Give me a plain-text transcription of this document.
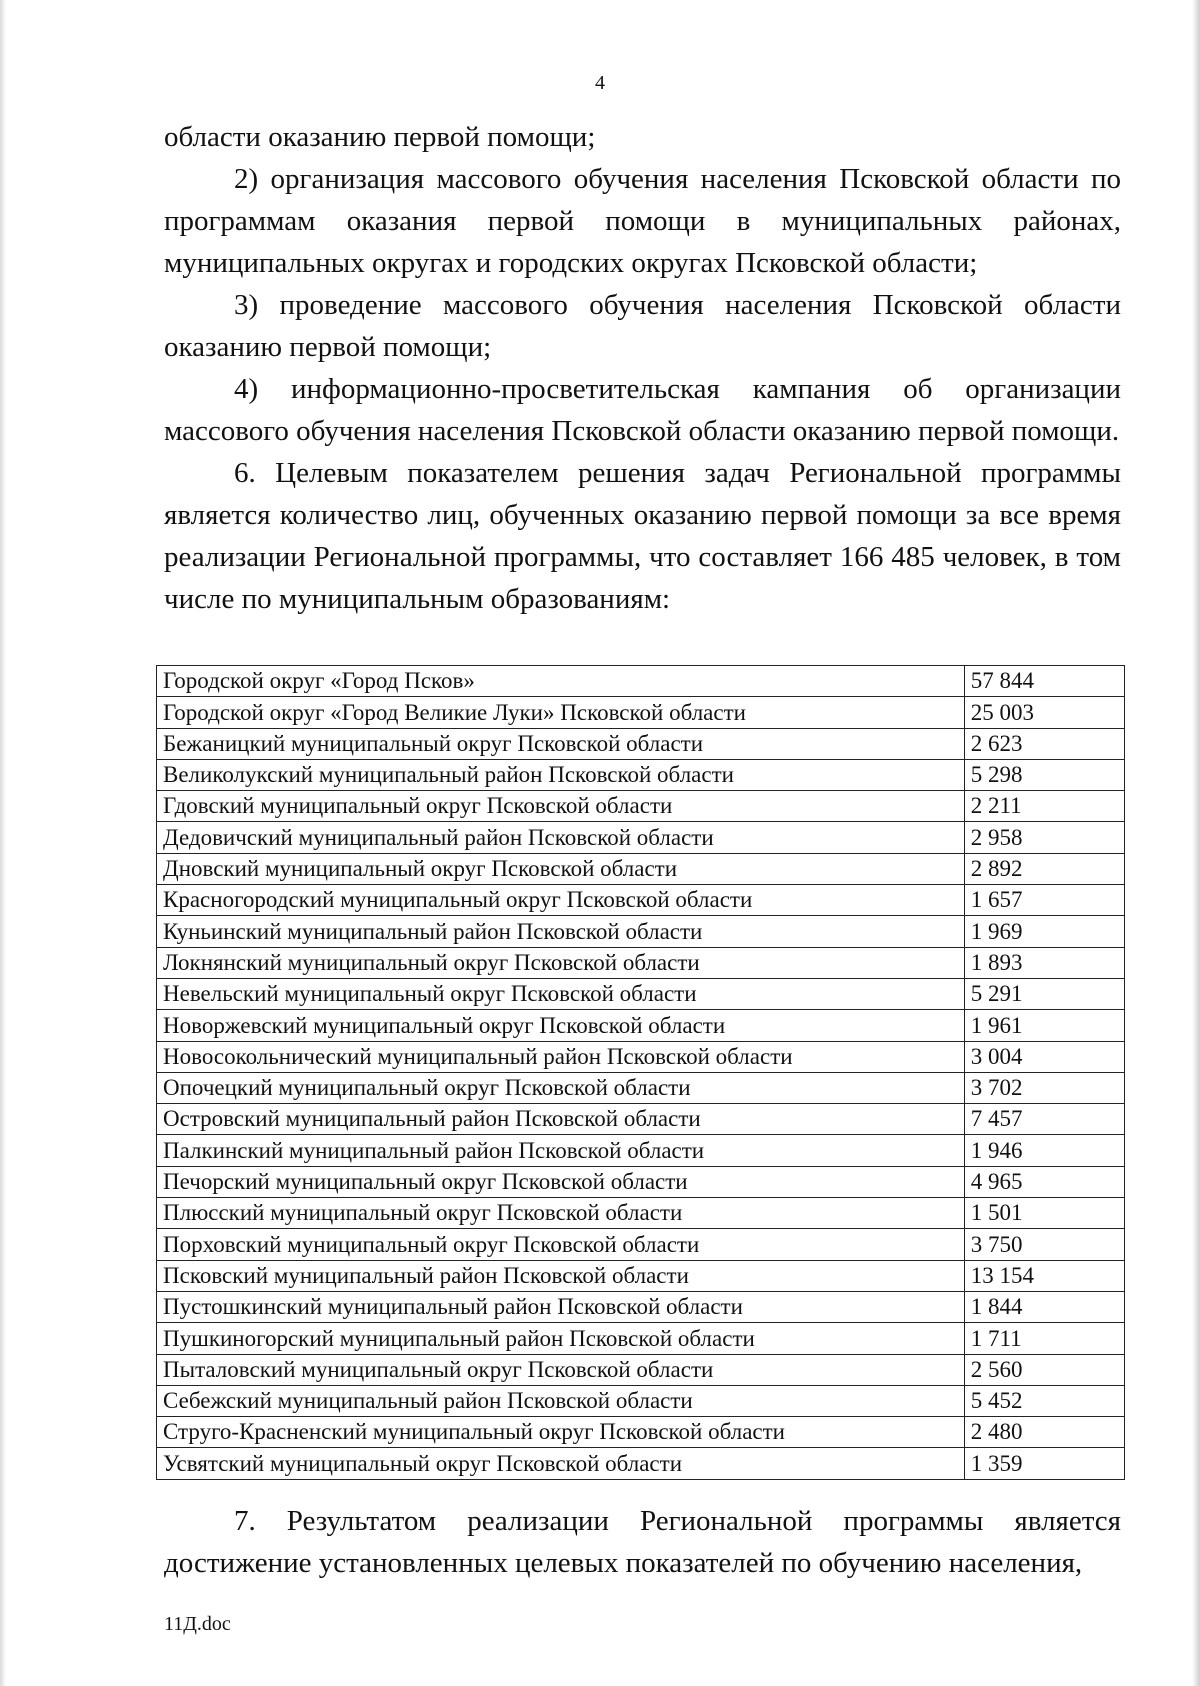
4

области оказанию первой помощи;

2) организация массового обучения населения Псковской области по программам оказания первой помощи в муниципальных районах, муниципальных округах и городских округах Псковской области;

3) проведение массового обучения населения Псковской области оказанию первой помощи;

4) информационно-просветительская кампания об организации массового обучения населения Псковской области оказанию первой помощи.

6. Целевым показателем решения задач Региональной программы является количество лиц, обученных оказанию первой помощи за все время реализации Региональной программы, что составляет 166 485 человек, в том числе по муниципальным образованиям:

Городской округ «Город Псков»	57 844
Городской округ «Город Великие Луки» Псковской области	25 003
Бежаницкий муниципальный округ Псковской области	2 623
Великолукский муниципальный район Псковской области	5 298
Гдовский муниципальный округ Псковской области	2 211
Дедовичский муниципальный район Псковской области	2 958
Дновский муниципальный округ Псковской области	2 892
Красногородский муниципальный округ Псковской области	1 657
Куньинский муниципальный район Псковской области	1 969
Локнянский муниципальный округ Псковской области	1 893
Невельский муниципальный округ Псковской области	5 291
Новоржевский муниципальный округ Псковской области	1 961
Новосокольнический муниципальный район Псковской области	3 004
Опочецкий муниципальный округ Псковской области	3 702
Островский муниципальный район Псковской области	7 457
Палкинский муниципальный район Псковской области	1 946
Печорский муниципальный округ Псковской области	4 965
Плюсский муниципальный округ Псковской области	1 501
Порховский муниципальный округ Псковской области	3 750
Псковский муниципальный район Псковской области	13 154
Пустошкинский муниципальный район Псковской области	1 844
Пушкиногорский муниципальный район Псковской области	1 711
Пыталовский муниципальный округ Псковской области	2 560
Себежский муниципальный район Псковской области	5 452
Струго-Красненский муниципальный округ Псковской области	2 480
Усвятский муниципальный округ Псковской области	1 359

7. Результатом реализации Региональной программы является достижение установленных целевых показателей по обучению населения,

11Д.doc
